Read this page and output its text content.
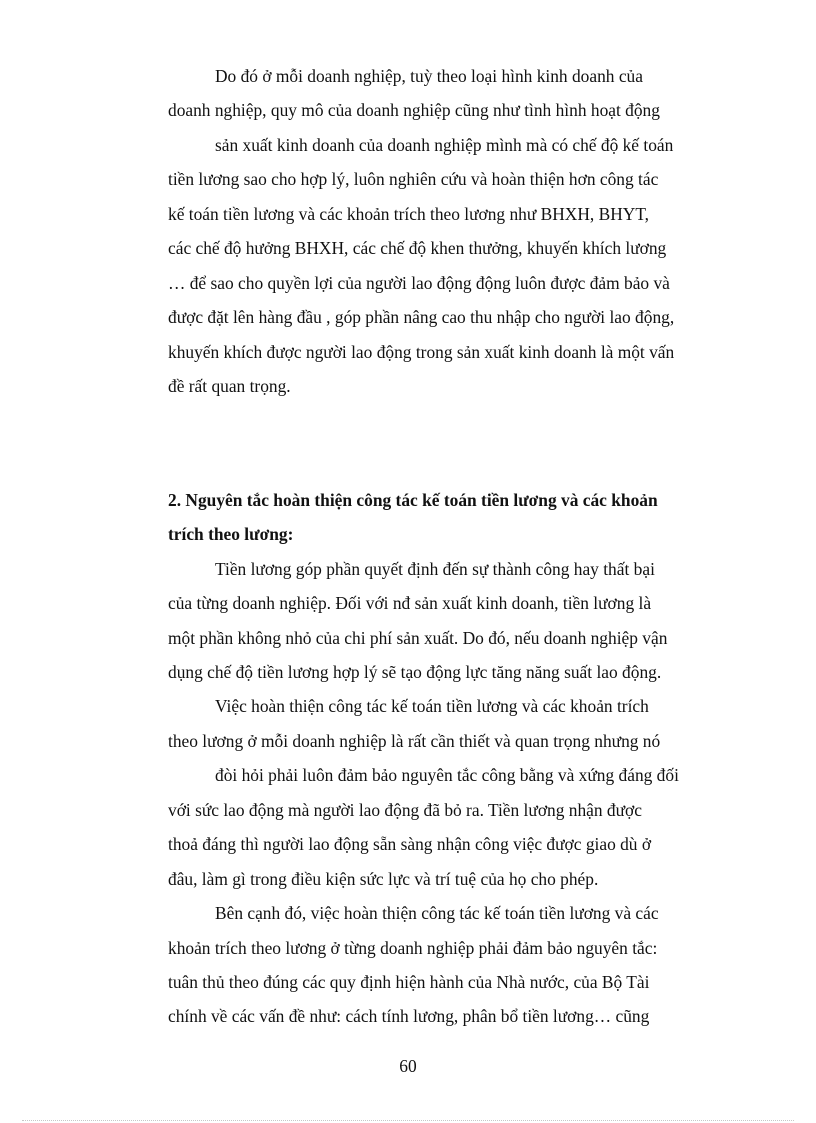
Do đó ở mỗi doanh nghiệp, tuỳ theo loại hình kinh doanh của
doanh nghiệp, quy mô của doanh nghiệp cũng như tình hình hoạt động
sản xuất kinh doanh của doanh nghiệp mình mà có chế độ kế toán
tiền lương sao cho hợp lý, luôn nghiên cứu và hoàn thiện hơn công tác
kế toán tiền lương và các khoản trích theo lương như BHXH, BHYT,
các chế độ hưởng BHXH, các chế độ khen thưởng, khuyến khích lương
… để sao cho quyền lợi của người lao động động luôn được đảm bảo và
được đặt lên hàng đầu , góp phần nâng cao thu nhập cho người lao động,
khuyến khích được người lao động trong sản xuất kinh doanh là một vấn
đề rất quan trọng.
2. Nguyên tắc hoàn thiện công tác kế toán tiền lương và các khoản
trích theo lương:
Tiền lương góp phần quyết định đến sự thành công hay thất bại
của từng doanh nghiệp. Đối với nđ sản xuất kinh doanh, tiền lương là
một phần không nhỏ của chi phí sản xuất. Do đó, nếu doanh nghiệp vận
dụng chế độ tiền lương hợp lý sẽ tạo động lực tăng năng suất lao động.
Việc hoàn thiện công tác kế toán tiền lương và các khoản trích
theo lương ở mỗi doanh nghiệp là rất cần thiết và quan trọng nhưng nó
đòi hỏi phải luôn đảm bảo nguyên tắc công bằng và xứng đáng đối
với sức lao động mà người lao động đã bỏ ra. Tiền lương nhận được
thoả đáng thì người lao động sẵn sàng nhận công việc được giao dù ở
đâu, làm gì trong điều kiện sức lực và trí tuệ của họ cho phép.
Bên cạnh đó, việc hoàn thiện công tác kế toán tiền lương và các
khoản trích theo lương ở từng doanh nghiệp phải đảm bảo nguyên tắc:
tuân thủ theo đúng các quy định hiện hành của Nhà nước, của Bộ Tài
chính về các vấn đề như: cách tính lương, phân bổ tiền lương… cũng
60
